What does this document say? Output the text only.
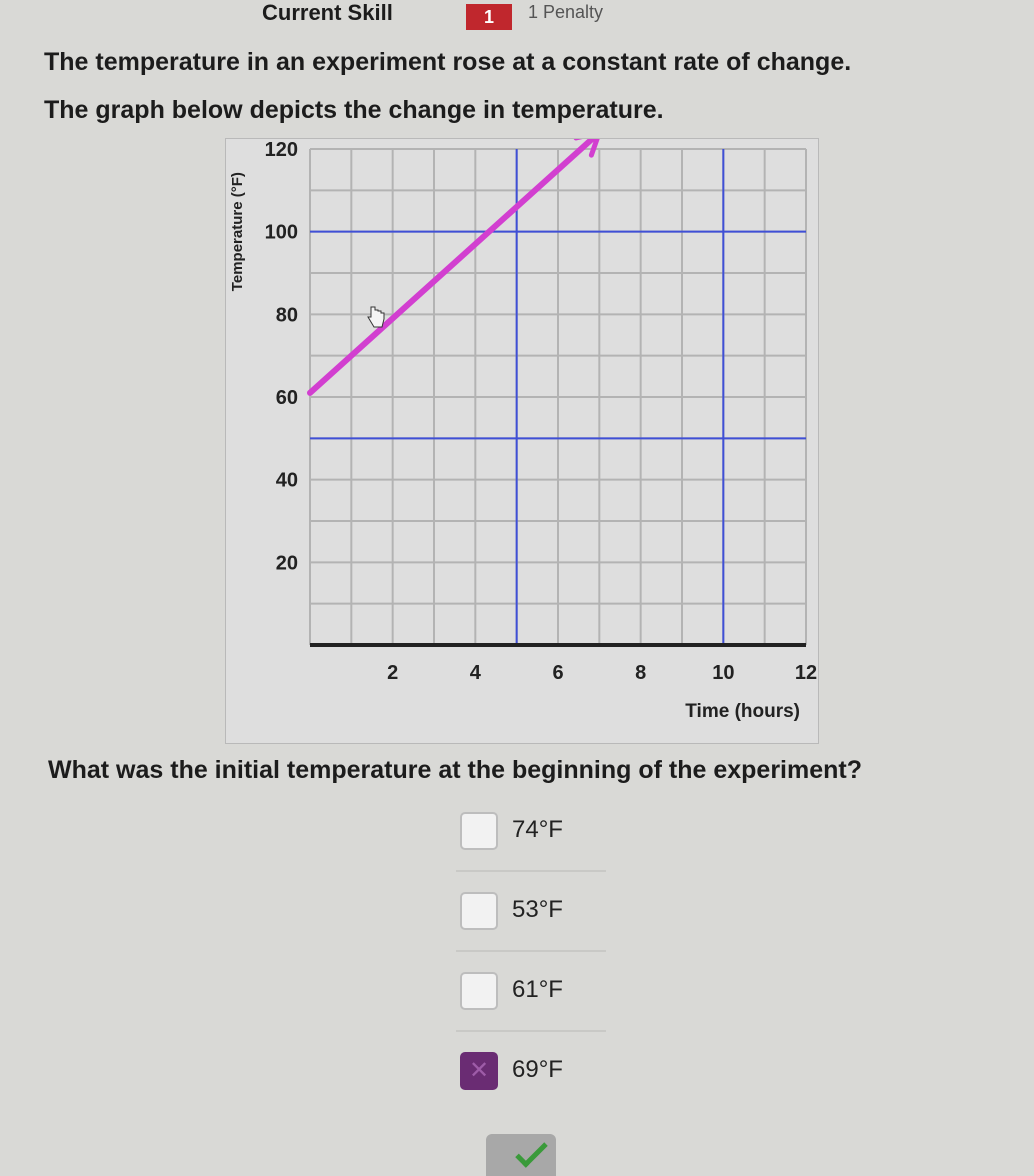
Current Skill	1	1 Penalty
The temperature in an experiment rose at a constant rate of change.
The graph below depicts the change in temperature.
2	4	6	8	10	12
20
40
60
80
100
120
Time (hours)
Temperature (°F)
What was the initial temperature at the beginning of the experiment?
74°F
53°F
61°F
✕
69°F
